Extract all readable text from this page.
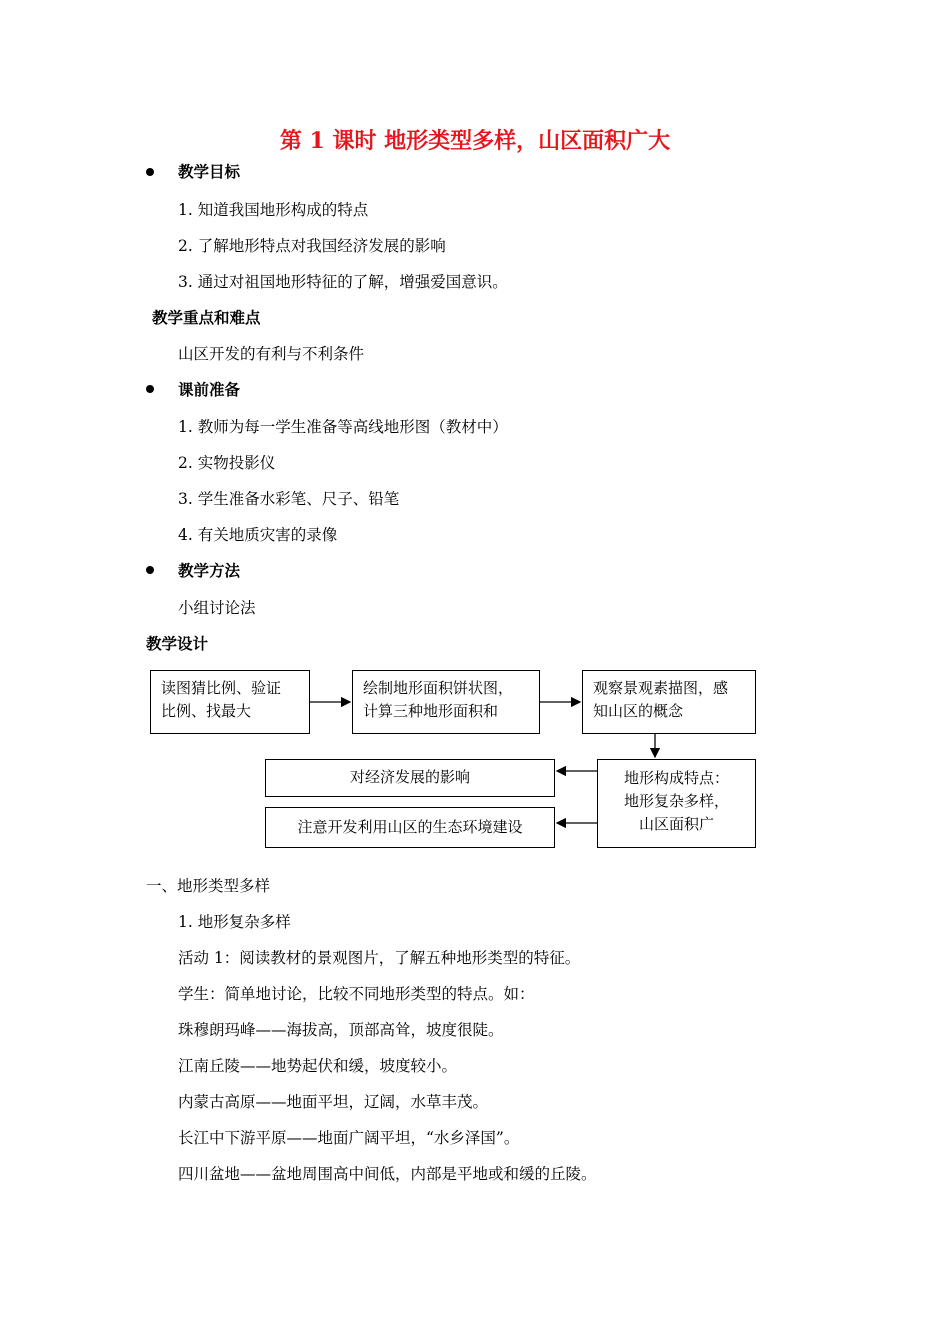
第 1 课时 地形类型多样，山区面积广大
教学目标
1. 知道我国地形构成的特点
2. 了解地形特点对我国经济发展的影响
3. 通过对祖国地形特征的了解，增强爱国意识。
教学重点和难点
山区开发的有利与不利条件
课前准备
1. 教师为每一学生准备等高线地形图（教材中）
2. 实物投影仪
3. 学生准备水彩笔、尺子、铅笔
4. 有关地质灾害的录像
教学方法
小组讨论法
教学设计
读图猜比例、验证
比例、找最大
绘制地形面积饼状图，
计算三种地形面积和
观察景观素描图，感
知山区的概念
地形构成特点：
地形复杂多样，
山区面积广
对经济发展的影响
注意开发利用山区的生态环境建设
一、地形类型多样
1. 地形复杂多样
活动 1：阅读教材的景观图片，了解五种地形类型的特征。
学生：简单地讨论，比较不同地形类型的特点。如：
珠穆朗玛峰——海拔高，顶部高耸，坡度很陡。
江南丘陵——地势起伏和缓，坡度较小。
内蒙古高原——地面平坦，辽阔，水草丰茂。
长江中下游平原——地面广阔平坦，“水乡泽国”。
四川盆地——盆地周围高中间低，内部是平地或和缓的丘陵。
